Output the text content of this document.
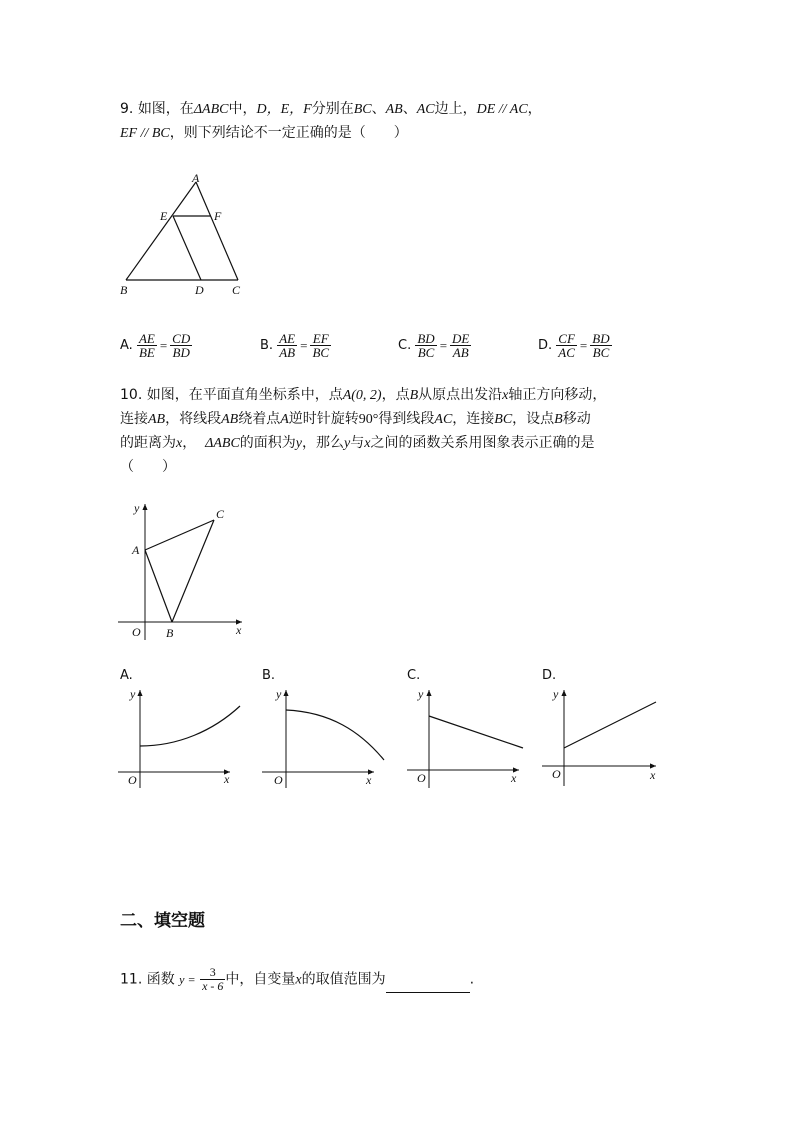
9. 如图，在ΔABC中，D，E，F分别在BC、AB、AC边上，DE // AC，
EF // BC，则下列结论不一定正确的是（　　）
A
E	F
B	D C
A. $\frac{AE}{BE} = \frac{CD}{BD}$	B. $\frac{AE}{AB} = \frac{EF}{BC}$	C. $\frac{BD}{BC} = \frac{DE}{AB}$	D. $\frac{CF}{AC} = \frac{BD}{BC}$
10. 如图，在平面直角坐标系中，点A(0, 2)，点B从原点出发沿x轴正方向移动，
连接AB，将线段AB绕着点A逆时针旋转90°得到线段AC，连接BC，设点B移动
的距离为x， ΔABC的面积为y，那么y与x之间的函数关系用图象表示正确的是
（　　）
y
x
O
A
B
C
A.	B.	C.	D.
y
x
O
y
x
O
y
x
O
y
x
O
二、填空题
11. 函数 $y = \frac{3}{x - 6}$ 中，自变量x的取值范围为	.
